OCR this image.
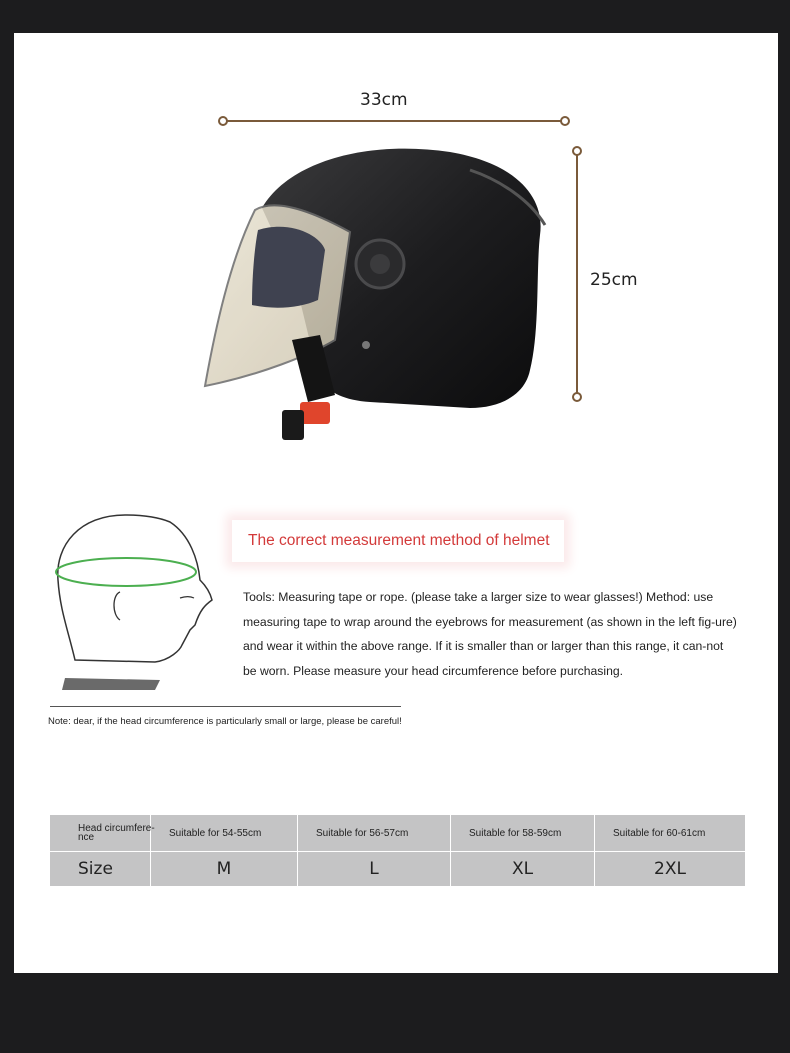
33cm
25cm
The correct measurement method of helmet
Tools: Measuring tape or rope. (please take a larger size to wear glasses!) Method: use measuring tape to wrap around the eyebrows for measurement (as shown in the left fig-ure) and wear it within the above range. If it is smaller than or larger than this range, it can-not be worn. Please measure your head circumference before purchasing.
Note: dear, if the head circumference is particularly small or large, please be careful!
Head circumfere-nce	Suitable for 54-55cm	Suitable for 56-57cm	Suitable for 58-59cm	Suitable for 60-61cm
Size	M	L	XL	2XL
